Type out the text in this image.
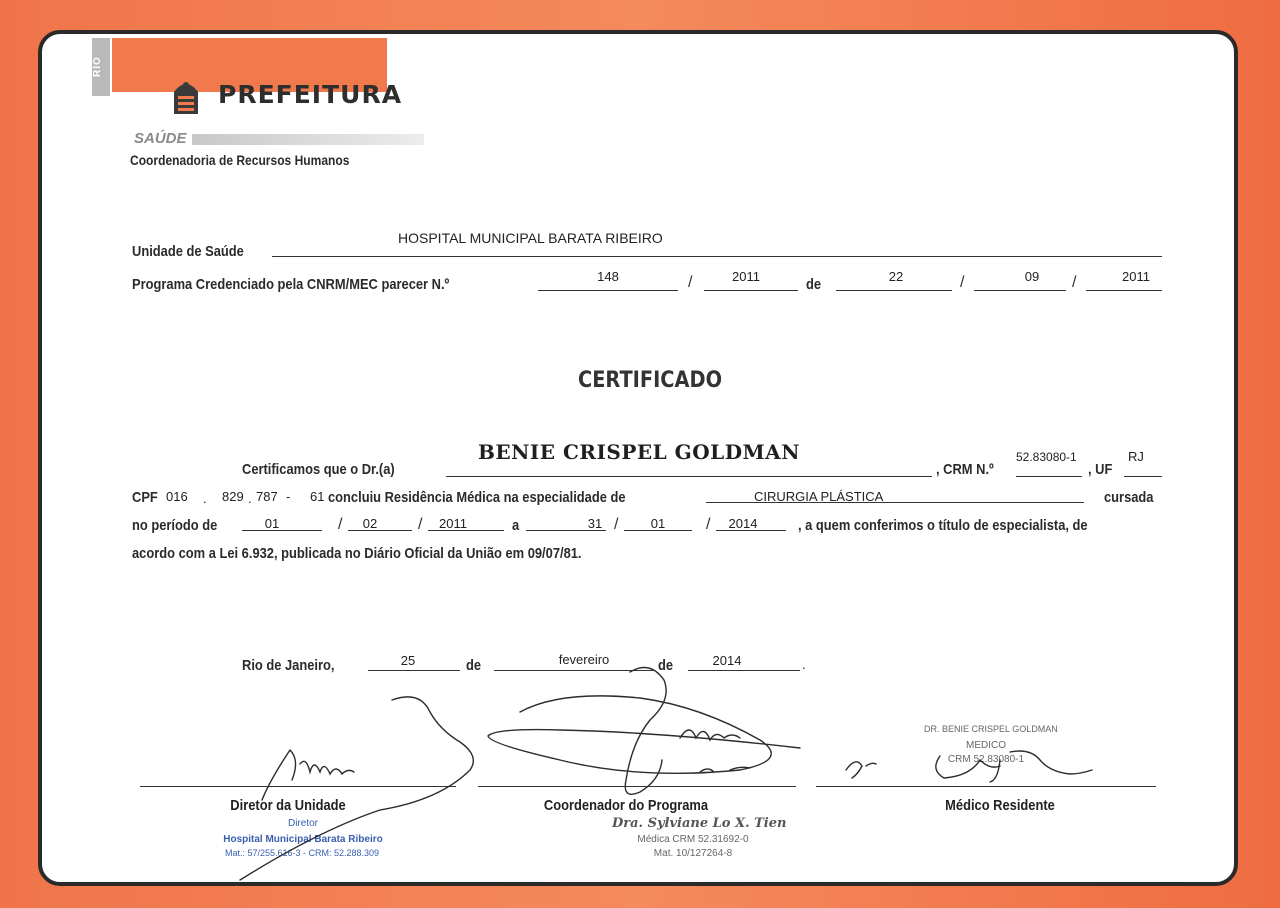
RIO
PREFEITURA
SAÚDE
Coordenadoria de Recursos Humanos
Unidade de Saúde
HOSPITAL MUNICIPAL BARATA RIBEIRO
Programa Credenciado pela CNRM/MEC parecer N.º	148	/	2011	de	22	/	09	/	2011
CERTIFICADO
Certificamos que o Dr.(a)
BENIE CRISPEL GOLDMAN
, CRM N.º
52.83080-1
, UF
RJ
CPF 016 . 829 . 787 - 61 concluiu Residência Médica na especialidade de	CIRURGIA PLÁSTICA	cursada
no período de	01	/	02	/	2011	a	31 /	01	/	2014	, a quem conferimos o título de especialista, de
acordo com a Lei 6.932, publicada no Diário Oficial da União em 09/07/81.
Rio de Janeiro,	25	de	fevereiro	de	2014	.
Diretor
Hospital Municipal Barata Ribeiro
Mat.: 57/255.616-3 - CRM: 52.288.309
Dra. Sylviane Lo X. Tien
Médica CRM 52.31692-0
Mat. 10/127264-8
DR. BENIE CRISPEL GOLDMAN
MEDICO
CRM 52.83080-1
Diretor da Unidade	Coordenador do Programa	Médico Residente
